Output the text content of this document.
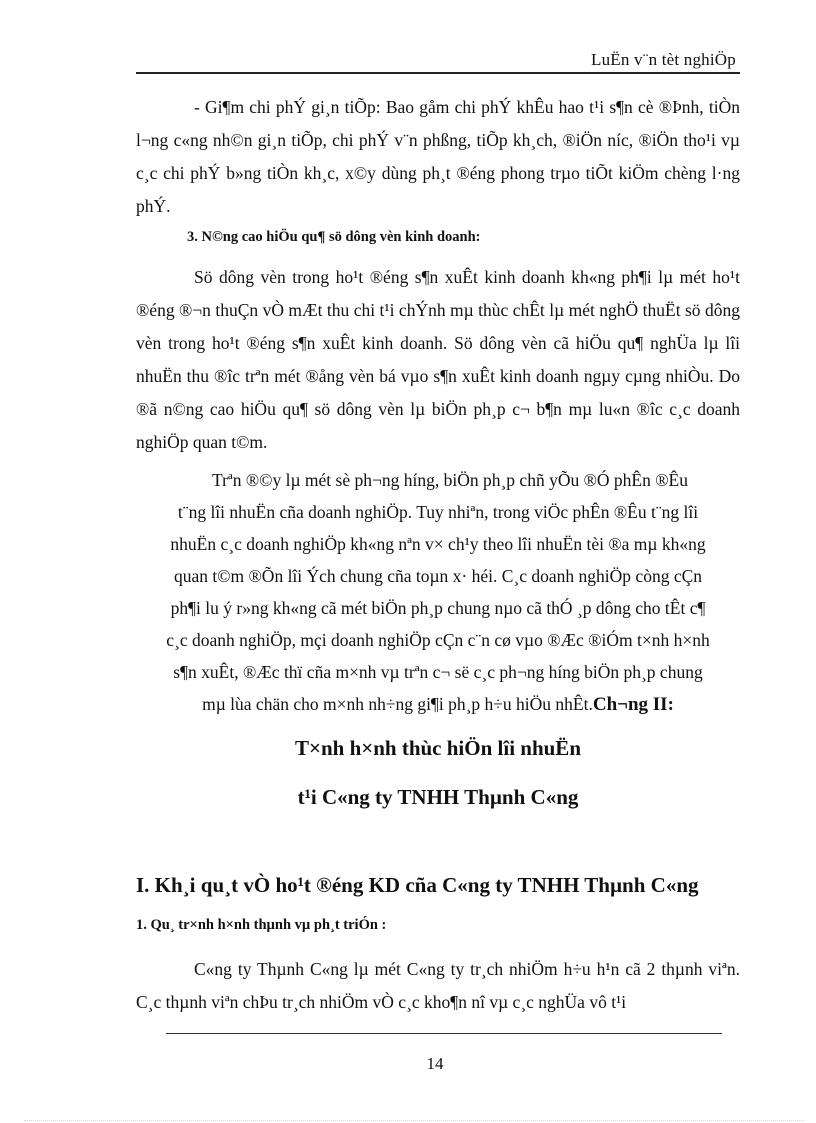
LuËn v¨n tèt nghiÖp
- Gi¶m chi phÝ gi¸n tiÕp: Bao gåm chi phÝ khÊu hao t¹i s¶n cè ®Þnh, tiÒn l¬ng c«ng nh©n gi¸n tiÕp, chi phÝ v¨n phßng, tiÕp kh¸ch, ®iÖn níc, ®iÖn tho¹i vµ c¸c chi phÝ b»ng tiÒn kh¸c, x©y dùng ph¸t ®éng phong trµo tiÕt kiÖm chèng l·ng phÝ.
3. N©ng cao hiÖu qu¶ sö dông vèn kinh doanh:
Sö dông vèn trong ho¹t ®éng s¶n xuÊt kinh doanh kh«ng ph¶i lµ mét ho¹t ®éng ®¬n thuÇn vÒ mÆt thu chi t¹i chÝnh mµ thùc chÊt lµ mét nghÖ thuËt sö dông vèn trong ho¹t ®éng s¶n xuÊt kinh doanh. Sö dông vèn cã hiÖu qu¶ nghÜa lµ lîi nhuËn thu ®îc trªn mét ®ång vèn bá vµo s¶n xuÊt kinh doanh ngµy cµng nhiÒu. Do ®ã n©ng cao hiÖu qu¶ sö dông vèn lµ biÖn ph¸p c¬ b¶n mµ lu«n ®îc c¸c doanh nghiÖp quan t©m.
Trªn ®©y lµ mét sè ph¬ng híng, biÖn ph¸p chñ yÕu ®Ó phÊn ®Êu
t¨ng lîi nhuËn cña doanh nghiÖp. Tuy nhiªn, trong viÖc phÊn ®Êu t¨ng lîi
nhuËn c¸c doanh nghiÖp kh«ng nªn v× ch¹y theo lîi nhuËn tèi ®a mµ kh«ng
quan t©m ®Õn lîi Ých chung cña toµn x· héi. C¸c doanh nghiÖp còng cÇn
ph¶i lu ý r»ng kh«ng cã mét biÖn ph¸p chung nµo cã thÓ ¸p dông cho tÊt c¶
c¸c doanh nghiÖp, mçi doanh nghiÖp cÇn c¨n cø vµo ®Æc ®iÓm t×nh h×nh
s¶n xuÊt, ®Æc thï cña m×nh vµ trªn c¬ së c¸c ph¬ng híng biÖn ph¸p chung
mµ lùa chän cho m×nh nh÷ng gi¶i ph¸p h÷u hiÖu nhÊt.Ch¬ng II:
T×nh h×nh thùc hiÖn lîi nhuËn
t¹i C«ng ty TNHH Thµnh C«ng
I. Kh¸i qu¸t vÒ ho¹t ®éng KD cña C«ng ty TNHH Thµnh C«ng
1. Qu¸ tr×nh h×nh thµnh vµ ph¸t triÓn :
C«ng ty Thµnh C«ng lµ mét C«ng ty tr¸ch nhiÖm h÷u h¹n cã 2 thµnh viªn. C¸c thµnh viªn chÞu tr¸ch nhiÖm vÒ c¸c kho¶n nî vµ c¸c nghÜa vô t¹i
14
